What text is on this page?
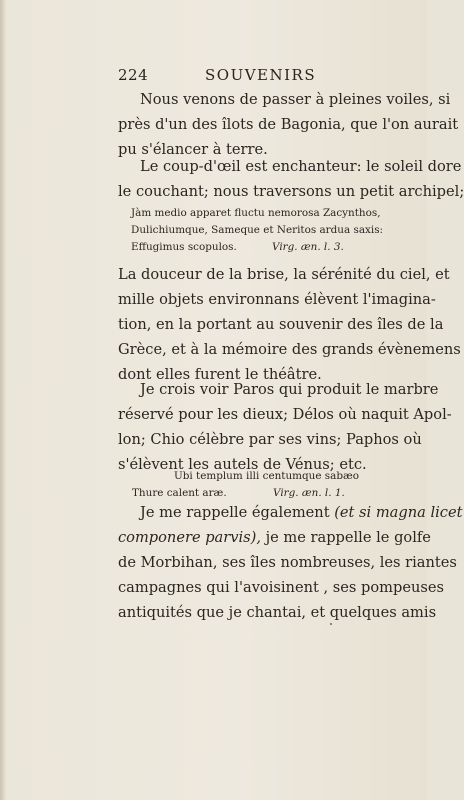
224	SOUVENIRS

Nous venons de passer à pleines voiles, si
près d'un des îlots de Bagonia, que l'on aurait
pu s'élancer à terre.

Le coup-d'œil est enchanteur: le soleil dore
le couchant; nous traversons un petit archipel;

Jàm medio apparet fluctu nemorosa Zacynthos,
Dulichiumque, Sameque et Neritos ardua saxis:
Effugimus scopulos.	Virg. æn. l. 3.

La douceur de la brise, la sérénité du ciel, et
mille objets environnans élèvent l'imagina-
tion, en la portant au souvenir des îles de la
Grèce, et à la mémoire des grands évènemens
dont elles furent le théâtre.

Je crois voir Paros qui produit le marbre
réservé pour les dieux; Délos où naquit Apol-
lon; Chio célèbre par ses vins; Paphos où
s'élèvent les autels de Vénus; etc.

Ubi templum illi centumque sabæo
Thure calent aræ.	Virg. æn. l. 1.

Je me rappelle également (et si magna licet
componere parvis), je me rappelle le golfe
de Morbihan, ses îles nombreuses, les riantes
campagnes qui l'avoisinent , ses pompeuses
antiquités que je chantai, et quelques amis
